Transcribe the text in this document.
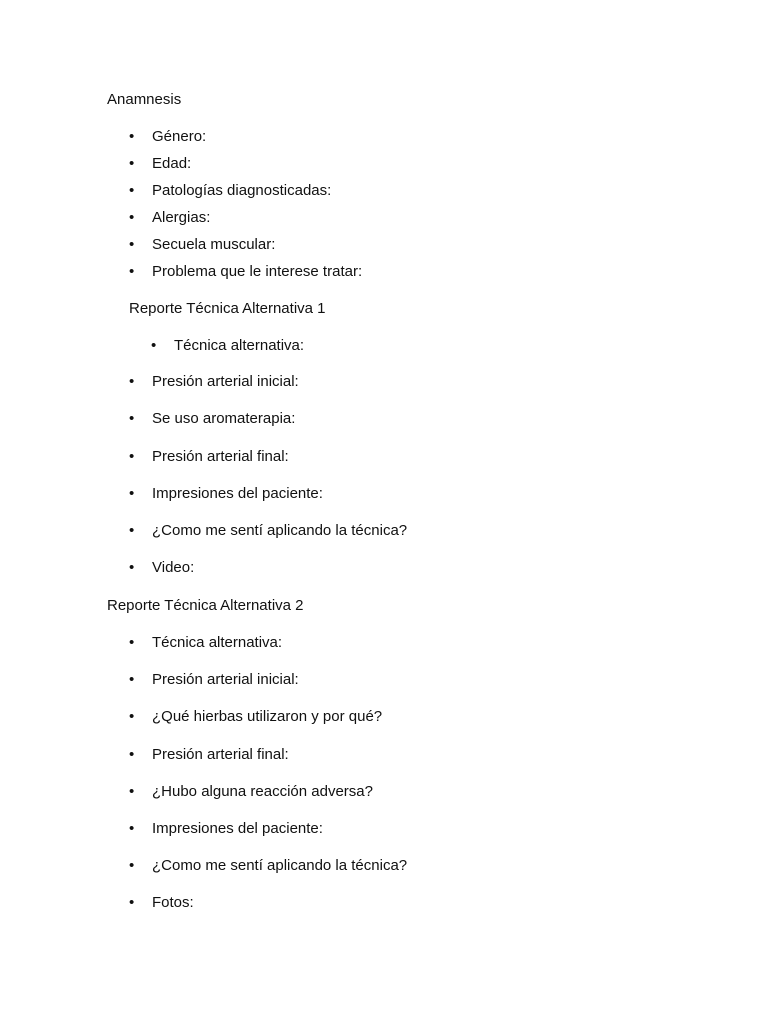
Anamnesis
• Género:
• Edad:
• Patologías diagnosticadas:
• Alergias:
• Secuela muscular:
• Problema que le interese tratar:
Reporte Técnica Alternativa 1
• Técnica alternativa:
• Presión arterial inicial:
• Se uso aromaterapia:
• Presión arterial final:
• Impresiones del paciente:
• ¿Como me sentí aplicando la técnica?
• Video:
Reporte Técnica Alternativa 2
• Técnica alternativa:
• Presión arterial inicial:
• ¿Qué hierbas utilizaron y por qué?
• Presión arterial final:
• ¿Hubo alguna reacción adversa?
• Impresiones del paciente:
• ¿Como me sentí aplicando la técnica?
• Fotos:
